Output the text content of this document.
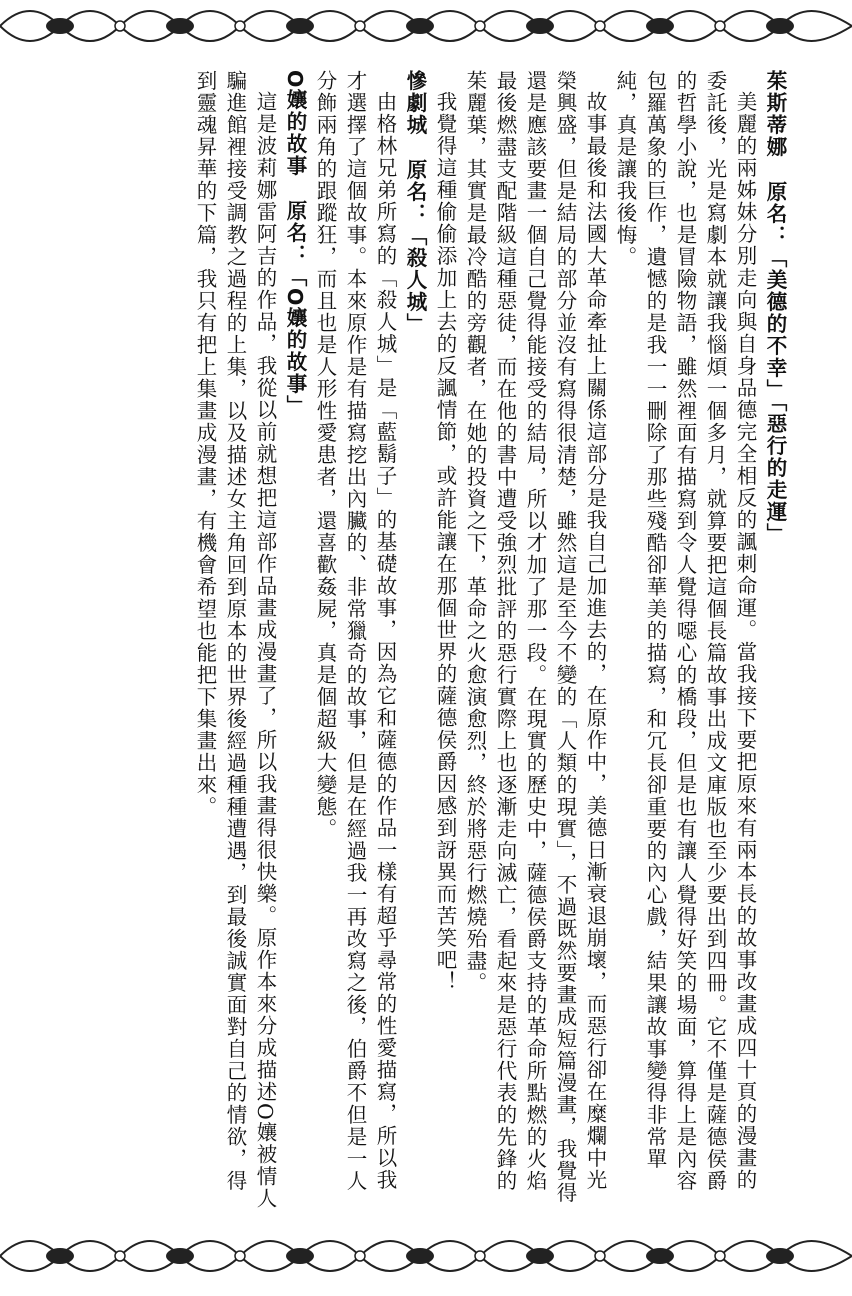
茱斯蒂娜 原名：「美德的不幸」「惡行的走運」

美麗的兩姊妹分別走向與自身品德完全相反的諷刺命運。當我接下要把原來有兩本長的故事改畫成四十頁的漫畫的委託後，光是寫劇本就讓我惱煩一個多月，就算要把這個長篇故事出成文庫版也至少要出到四冊。它不僅是薩德侯爵的哲學小說，也是冒險物語，雖然裡面有描寫到令人覺得噁心的橋段，但是也有讓人覺得好笑的場面，算得上是內容包羅萬象的巨作，遺憾的是我一一刪除了那些殘酷卻華美的描寫，和冗長卻重要的內心戲，結果讓故事變得非常單純，真是讓我後悔。

故事最後和法國大革命牽扯上關係這部分是我自己加進去的，在原作中，美德日漸衰退崩壞，而惡行卻在糜爛中光榮興盛，但是結局的部分並沒有寫得很清楚，雖然這是至今不變的「人類的現實」，不過既然要畫成短篇漫畫，我覺得還是應該要畫一個自己覺得能接受的結局，所以才加了那一段。在現實的歷史中，薩德侯爵支持的革命所點燃的火焰最後燃盡支配階級這種惡徒，而在他的書中遭受強烈批評的惡行實際上也逐漸走向滅亡，看起來是惡行代表的先鋒的茱麗葉，其實是最冷酷的旁觀者，在她的投資之下，革命之火愈演愈烈，終於將惡行燃燒殆盡。

我覺得這種偷偷添加上去的反諷情節，或許能讓在那個世界的薩德侯爵因感到訝異而苦笑吧！

慘劇城 原名：「殺人城」

由格林兄弟所寫的「殺人城」是「藍鬍子」的基礎故事，因為它和薩德的作品一樣有超乎尋常的性愛描寫，所以我才選擇了這個故事。本來原作是有描寫挖出內臟的、非常獵奇的故事，但是在經過我一再改寫之後，伯爵不但是一人分飾兩角的跟蹤狂，而且也是人形性愛患者，還喜歡姦屍，真是個超級大變態。

O孃的故事 原名：「O孃的故事」

這是波莉娜雷阿吉的作品，我從以前就想把這部作品畫成漫畫了，所以我畫得很快樂。原作本來分成描述O孃被情人騙進館裡接受調教之過程的上集，以及描述女主角回到原本的世界後經過種種遭遇，到最後誠實面對自己的情欲，得到靈魂昇華的下篇，我只有把上集畫成漫畫，有機會希望也能把下集畫出來。
